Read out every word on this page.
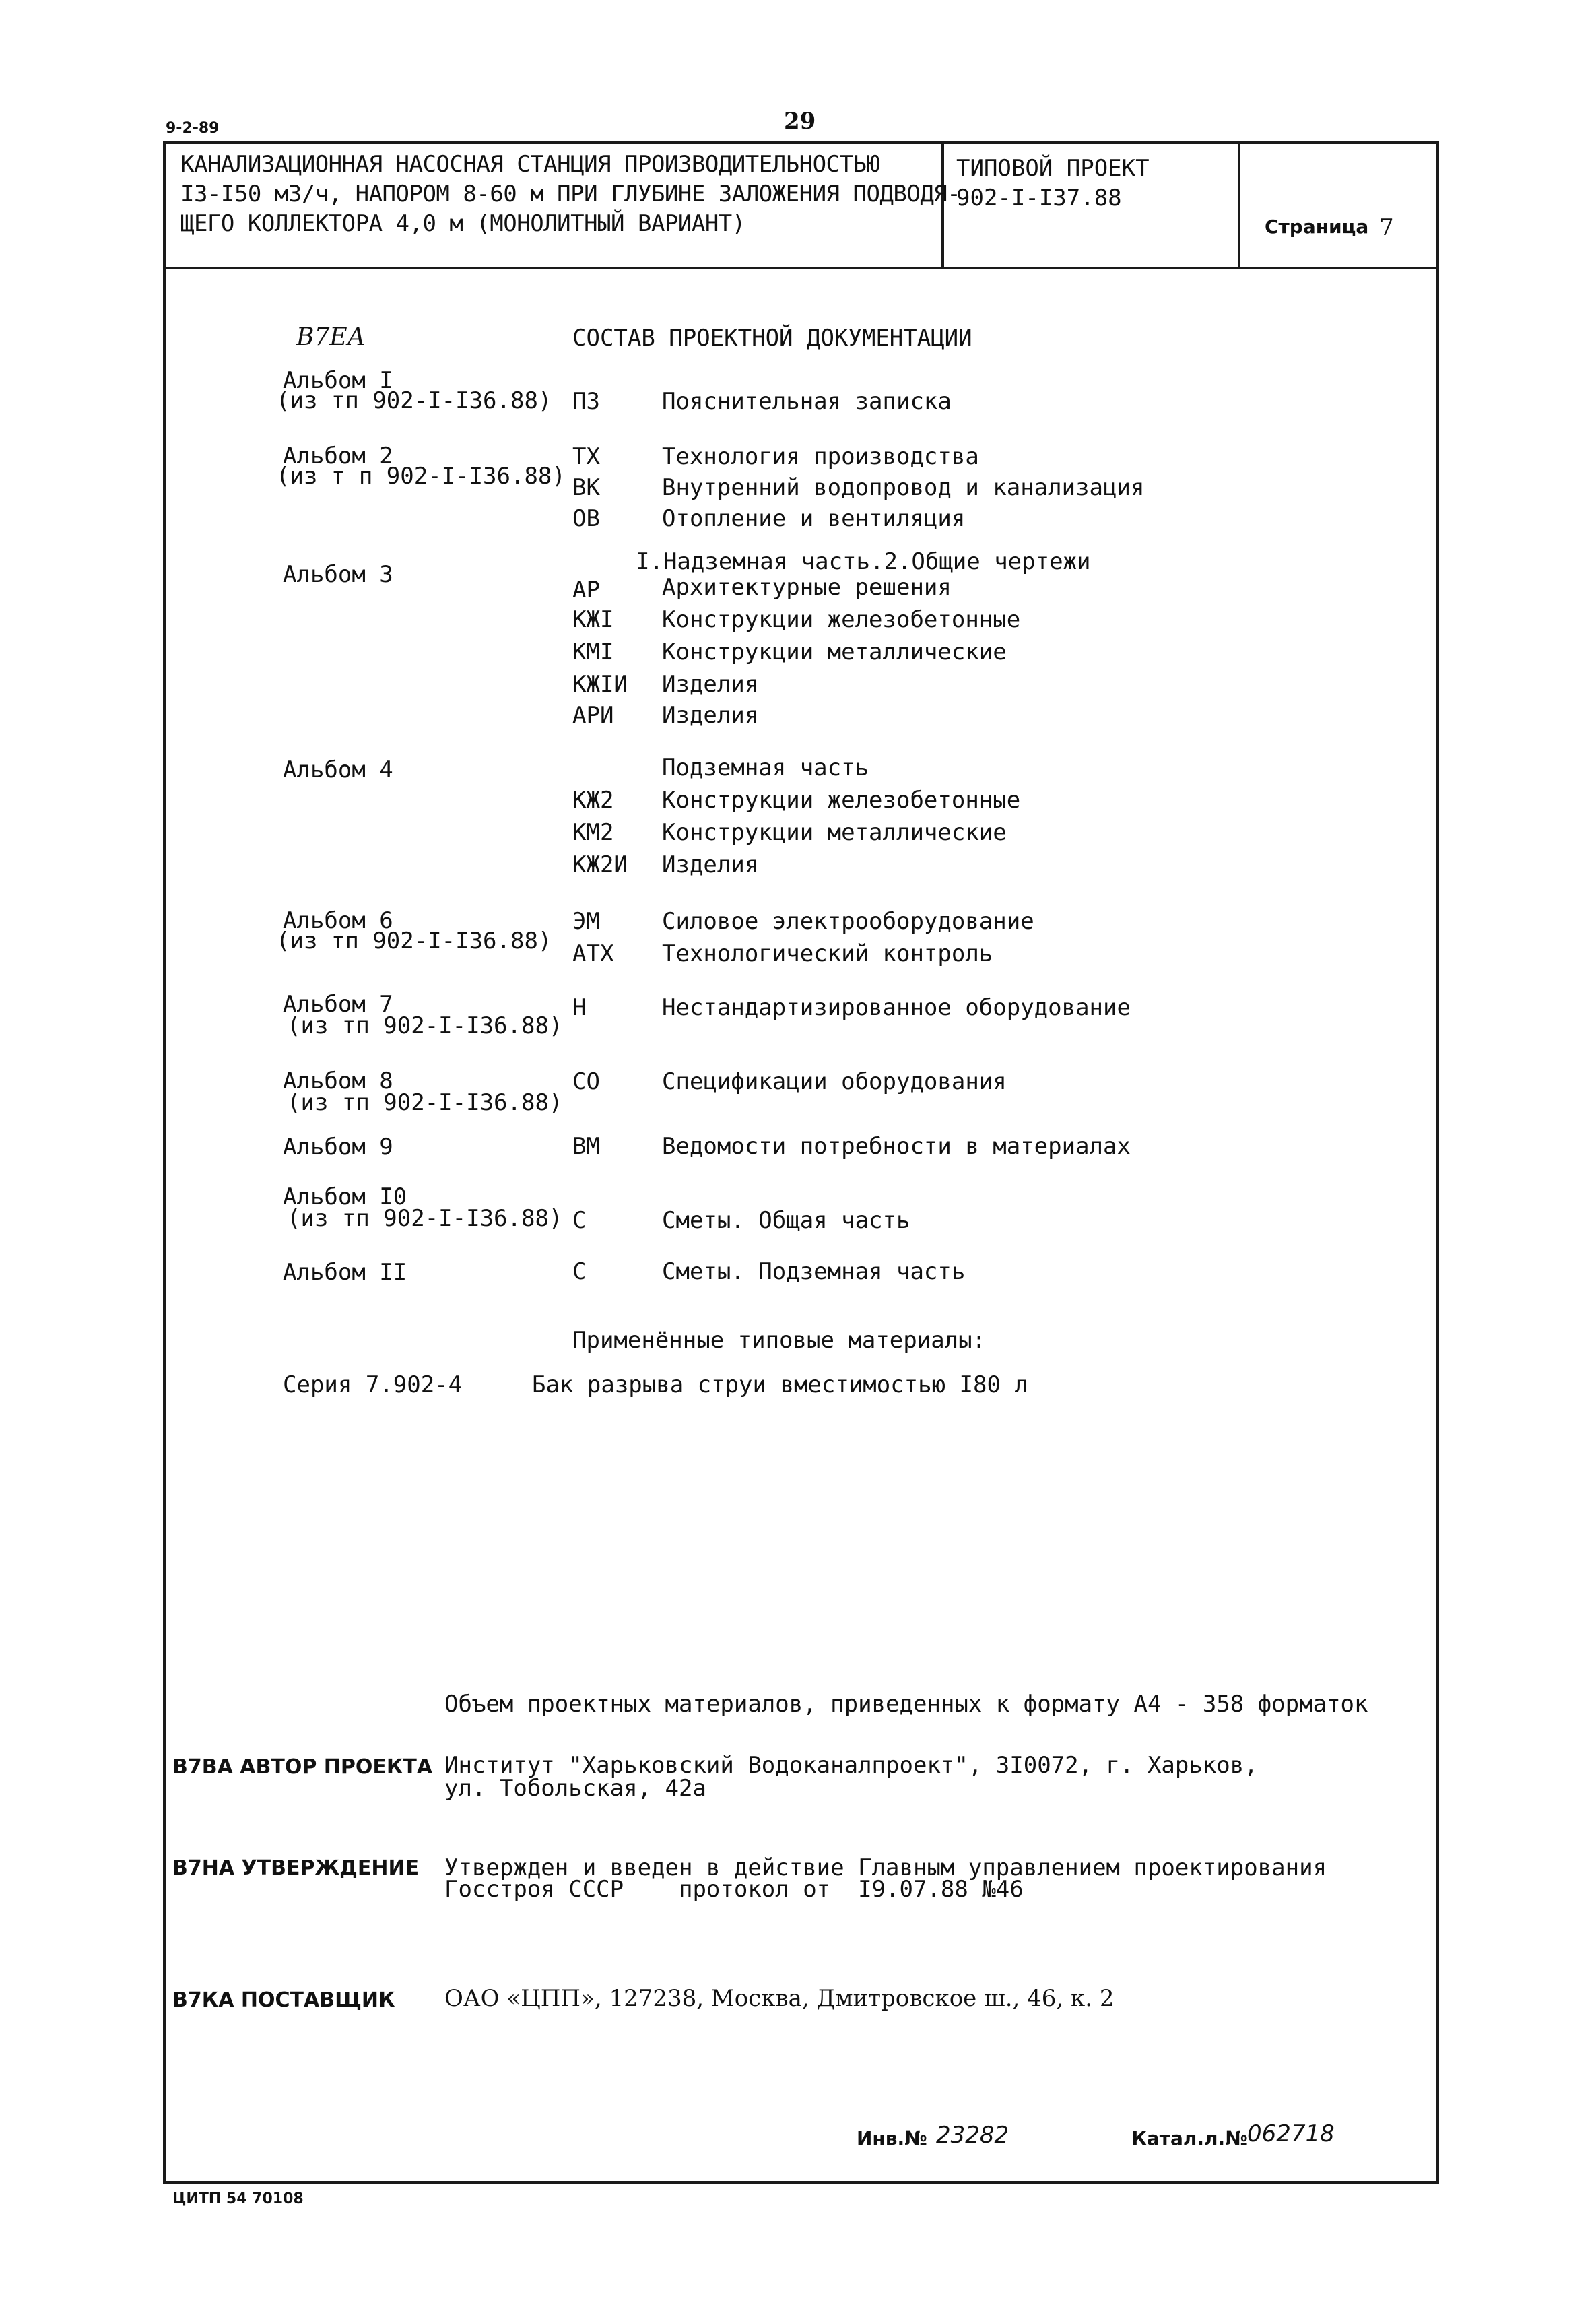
9-2-89	29
КАНАЛИЗАЦИОННАЯ НАСОСНАЯ СТАНЦИЯ ПРОИЗВОДИТЕЛЬНОСТЬЮ
I3-I50 м3/ч, НАПОРОМ 8-60 м ПРИ ГЛУБИНЕ ЗАЛОЖЕНИЯ ПОДВОДЯ-
ЩЕГО КОЛЛЕКТОРА 4,0 м (МОНОЛИТНЫЙ ВАРИАНТ)
ТИПОВОЙ ПРОЕКТ
902-I-I37.88
Страница 7
В7ЕА	СОСТАВ ПРОЕКТНОЙ ДОКУМЕНТАЦИИ
Альбом I
(из тп 902-I-I36.88) ПЗ	Пояснительная записка
Альбом 2
(из т п 902-I-I36.88)
ТХ	Технология производства
ВК	Внутренний водопровод и канализация
ОВ	Отопление и вентиляция
Альбом 3	I.Надземная часть.2.Общие чертежи
АР	Архитектурные решения
КЖI Конструкции железобетонные
КМI Конструкции металлические
КЖIИ Изделия
АРИ Изделия
Альбом 4	Подземная часть
КЖ2 Конструкции железобетонные
КМ2 Конструкции металлические
КЖ2И Изделия
Альбом 6
(из тп 902-I-I36.88)
ЭМ	Силовое электрооборудование
АТХ Технологический контроль
Альбом 7
(из тп 902-I-I36.88)
Н	Нестандартизированное оборудование
Альбом 8
(из тп 902-I-I36.88)
СО	Спецификации оборудования
Альбом 9	ВМ	Ведомости потребности в материалах
Альбом I0
(из тп 902-I-I36.88) С	Сметы. Общая часть
Альбом II	С	Сметы. Подземная часть
Применённые типовые материалы:
Серия 7.902-4	Бак разрыва струи вместимостью I80 л
Объем проектных материалов, приведенных к формату А4 - 358 форматок
В7ВА АВТОР ПРОЕКТА Институт "Харьковский Водоканалпроект", 3I0072, г. Харьков,
ул. Тобольская, 42а
В7НА УТВЕРЖДЕНИЕ Утвержден и введен в действие Главным управлением проектирования
Госстроя СССР    протокол от  I9.07.88 №46
В7КА ПОСТАВЩИК ОАО «ЦПП», 127238, Москва, Дмитровское ш., 46, к. 2
Инв.№ 23282	Катал.л.№ 062718
ЦИТП 54 70108
